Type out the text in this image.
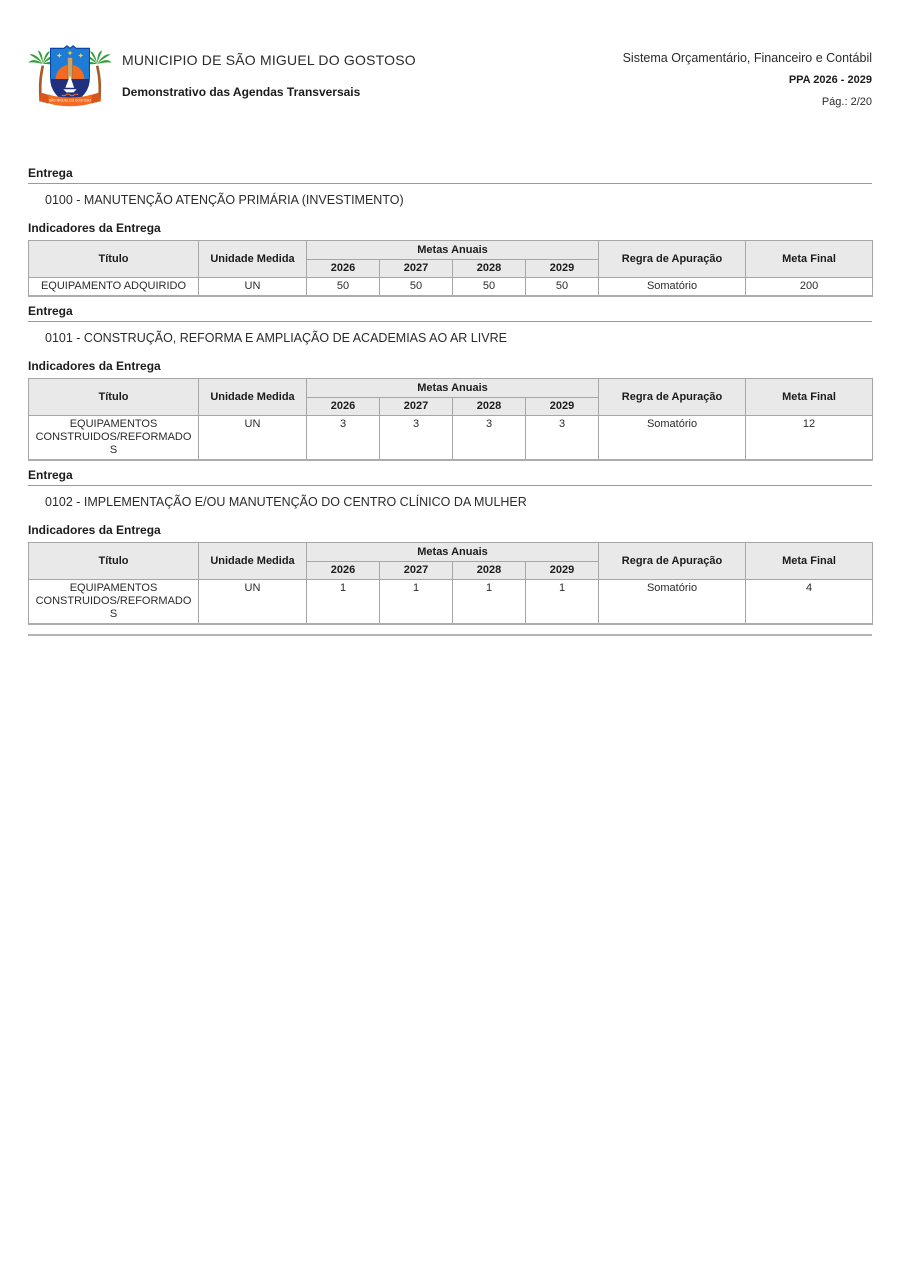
SÃO MIGUEL DO GOSTOSO
MUNICIPIO DE SÃO MIGUEL DO GOSTOSO
Demonstrativo das Agendas Transversais
Sistema Orçamentário, Financeiro e Contábil
PPA 2026 - 2029
Pág.: 2/20
Entrega
0100 - MANUTENÇÃO ATENÇÃO PRIMÁRIA (INVESTIMENTO)
Indicadores da Entrega
Título	Unidade Medida	Metas Anuais				Regra de Apuração	Meta Final
		2026	2027	2028	2029		
EQUIPAMENTO ADQUIRIDO	UN	50	50	50	50	Somatório	200
Entrega
0101 - CONSTRUÇÃO, REFORMA E AMPLIAÇÃO DE ACADEMIAS AO AR LIVRE
Indicadores da Entrega
Título	Unidade Medida	Metas Anuais				Regra de Apuração	Meta Final
		2026	2027	2028	2029		
EQUIPAMENTOS CONSTRUIDOS/REFORMADOS	UN	3	3	3	3	Somatório	12
Entrega
0102 - IMPLEMENTAÇÃO E/OU MANUTENÇÃO DO CENTRO CLÍNICO DA MULHER
Indicadores da Entrega
Título	Unidade Medida	Metas Anuais				Regra de Apuração	Meta Final
		2026	2027	2028	2029		
EQUIPAMENTOS CONSTRUIDOS/REFORMADOS	UN	1	1	1	1	Somatório	4
